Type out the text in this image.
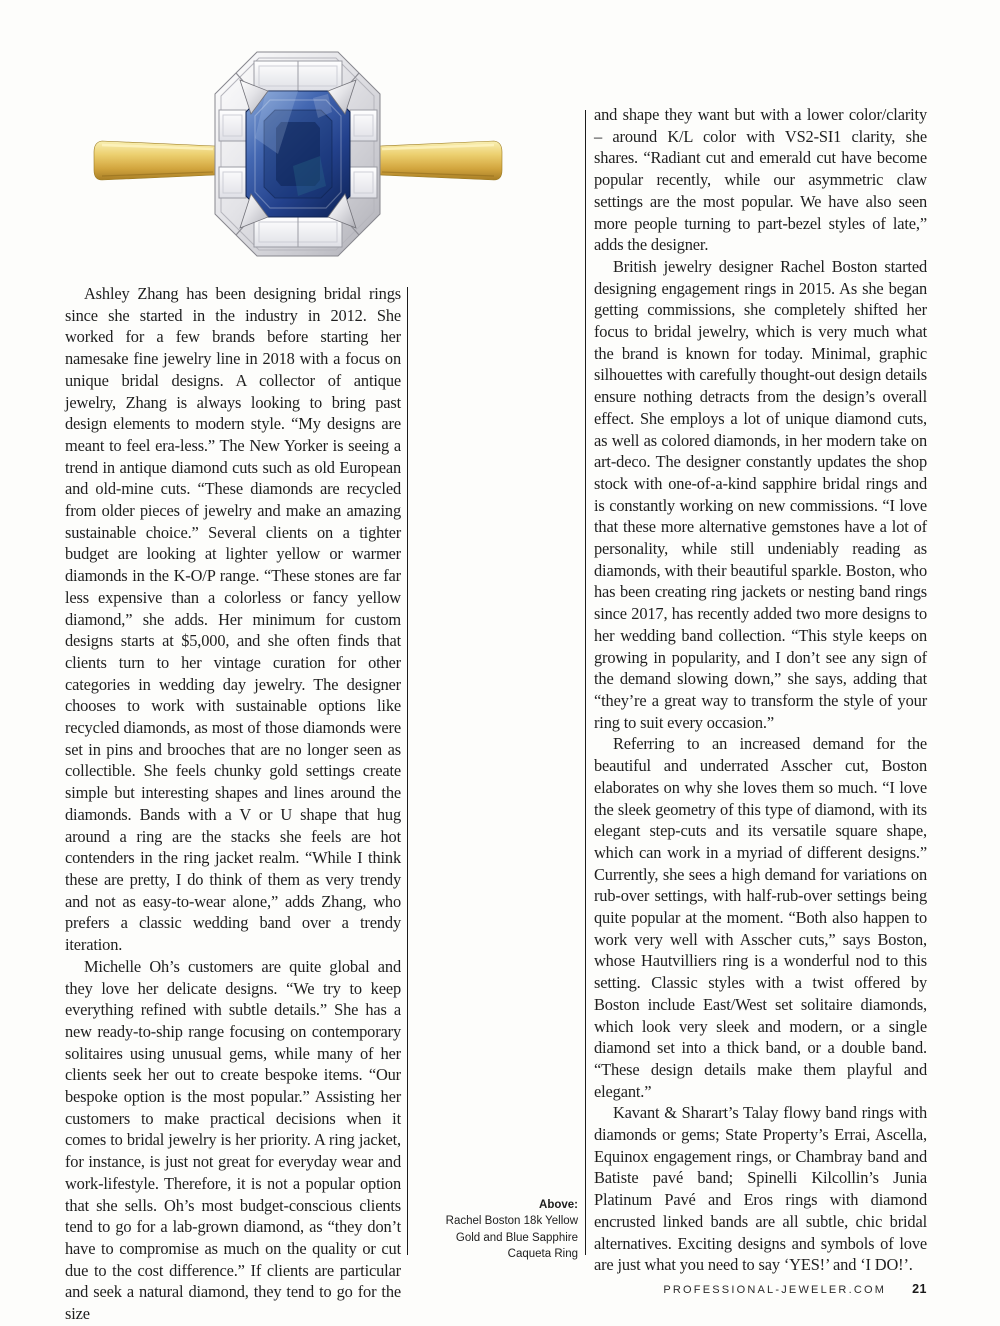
Ashley Zhang has been designing bridal rings since she started in the industry in 2012. She worked for a few brands before starting her namesake fine jewelry line in 2018 with a focus on unique bridal designs. A collector of antique jewelry, Zhang is always looking to bring past design elements to modern style. “My designs are meant to feel era-less.” The New Yorker is seeing a trend in antique diamond cuts such as old European and old-mine cuts. “These diamonds are recycled from older pieces of jewelry and make an amazing sustainable choice.” Several clients on a tighter budget are looking at lighter yellow or warmer diamonds in the K-O/P range. “These stones are far less expensive than a colorless or fancy yellow diamond,” she adds. Her minimum for custom designs starts at $5,000, and she often finds that clients turn to her vintage curation for other categories in wedding day jewelry. The designer chooses to work with sustainable options like recycled diamonds, as most of those diamonds were set in pins and brooches that are no longer seen as collectible. She feels chunky gold settings create simple but interesting shapes and lines around the diamonds. Bands with a V or U shape that hug around a ring are the stacks she feels are hot contenders in the ring jacket realm. “While I think these are pretty, I do think of them as very trendy and not as easy-to-wear alone,” adds Zhang, who prefers a classic wedding band over a trendy iteration.

Michelle Oh’s customers are quite global and they love her delicate designs. “We try to keep everything refined with subtle details.” She has a new ready-to-ship range focusing on contemporary solitaires using unusual gems, while many of her clients seek her out to create bespoke items. “Our bespoke option is the most popular.” Assisting her customers to make practical decisions when it comes to bridal jewelry is her priority. A ring jacket, for instance, is just not great for everyday wear and work-lifestyle. Therefore, it is not a popular option that she sells. Oh’s most budget-conscious clients tend to go for a lab-grown diamond, as “they don’t have to compromise as much on the quality or cut due to the cost difference.” If clients are particular and seek a natural diamond, they tend to go for the size

and shape they want but with a lower color/clarity – around K/L color with VS2-SI1 clarity, she shares. “Radiant cut and emerald cut have become popular recently, while our asymmetric claw settings are the most popular. We have also seen more people turning to part-bezel styles of late,” adds the designer.

British jewelry designer Rachel Boston started designing engagement rings in 2015. As she began getting commissions, she completely shifted her focus to bridal jewelry, which is very much what the brand is known for today. Minimal, graphic silhouettes with carefully thought-out design details ensure nothing detracts from the design’s overall effect. She employs a lot of unique diamond cuts, as well as colored diamonds, in her modern take on art-deco. The designer constantly updates the shop stock with one-of-a-kind sapphire bridal rings and is constantly working on new commissions. “I love that these more alternative gemstones have a lot of personality, while still undeniably reading as diamonds, with their beautiful sparkle. Boston, who has been creating ring jackets or nesting band rings since 2017, has recently added two more designs to her wedding band collection. “This style keeps on growing in popularity, and I don’t see any sign of the demand slowing down,” she says, adding that “they’re a great way to transform the style of your ring to suit every occasion.”

Referring to an increased demand for the beautiful and underrated Asscher cut, Boston elaborates on why she loves them so much. “I love the sleek geometry of this type of diamond, with its elegant step-cuts and its versatile square shape, which can work in a myriad of different designs.” Currently, she sees a high demand for variations on rub-over settings, with half-rub-over settings being quite popular at the moment. “Both also happen to work very well with Asscher cuts,” says Boston, whose Hautvilliers ring is a wonderful nod to this setting. Classic styles with a twist offered by Boston include East/West set solitaire diamonds, which look very sleek and modern, or a single diamond set into a thick band, or a double band. “These design details make them playful and elegant.”

Kavant & Sharart’s Talay flowy band rings with diamonds or gems; State Property’s Errai, Ascella, Equinox engagement rings, or Chambray band and Batiste pavé band; Spinelli Kilcollin’s Junia Platinum Pavé and Eros rings with diamond encrusted linked bands are all subtle, chic bridal alternatives. Exciting designs and symbols of love are just what you need to say ‘YES!’ and ‘I DO!’.

Above:
Rachel Boston 18k Yellow
Gold and Blue Sapphire
Caqueta Ring
PROFESSIONAL-JEWELER.COM 21
